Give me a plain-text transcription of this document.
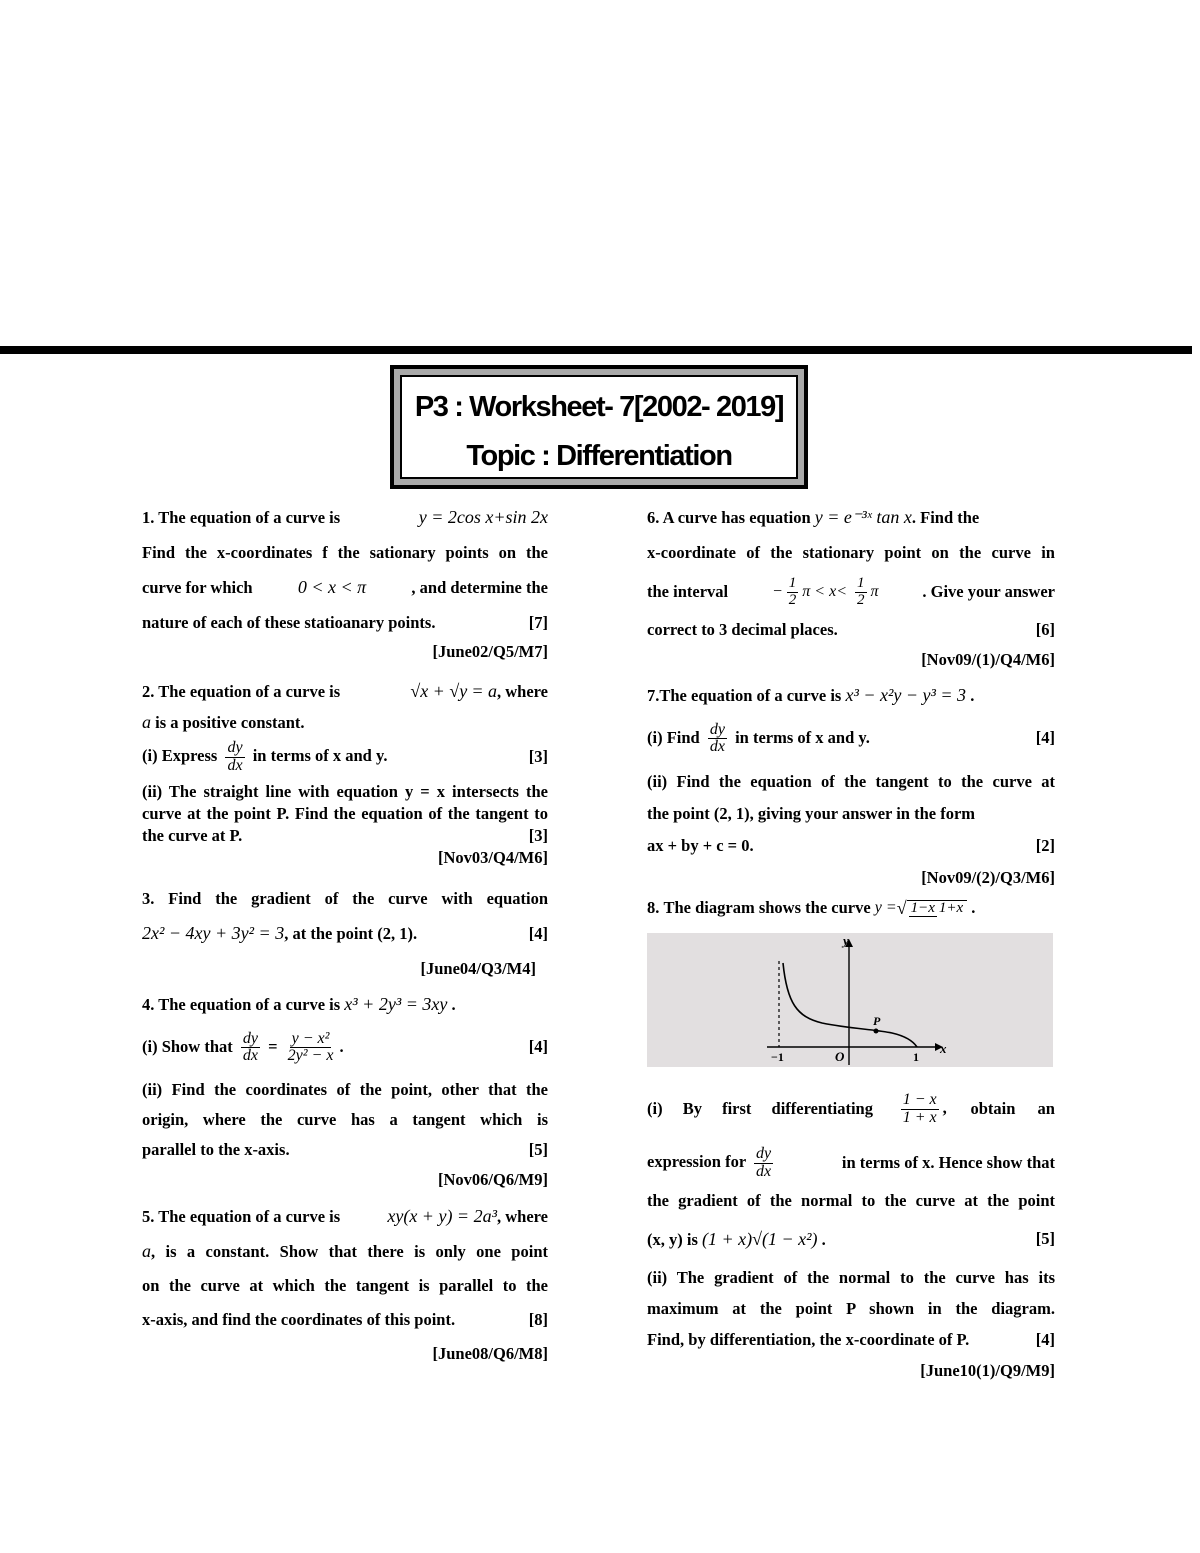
P3 : Worksheet- 7[2002- 2019]
Topic : Differentiation
1. The equation of a curve is	y = 2cos x+sin 2x
Find the x-coordinates f the sationary points on the
curve for which	0 < x < π	, and determine the
nature of each of these statioanary points.	[7]
[June02/Q5/M7]
2. The equation of a curve is	√x + √y = a, where
a is a positive constant.
(i) Express $\frac{dy}{dx}$ in terms of x and y.	[3]
(ii) The straight line with equation y = x intersects the curve at the point P. Find the equation of the tangent to the curve at P.	[3]
[Nov03/Q4/M6]
3. Find the gradient of the curve with equation
2x² − 4xy + 3y² = 3, at the point (2, 1).	[4]
[June04/Q3/M4]
4. The equation of a curve is x³ + 2y³ = 3xy .
(i) Show that $\frac{dy}{dx} = \frac{\text{y − x²}}{\text{2y² − x}}$ .	[4]
(ii) Find the coordinates of the point, other that the
origin, where the curve has a tangent which is
parallel to the x-axis.	[5]
[Nov06/Q6/M9]
5. The equation of a curve is	xy(x + y) = 2a³, where
a, is a constant. Show that there is only one point
on the curve at which the tangent is parallel to the
x-axis, and find the coordinates of this point.	[8]
[June08/Q6/M8]
6. A curve has equation y = e⁻³ˣ tan x. Find the
x-coordinate of the stationary point on the curve in
the interval	− $\frac{1}{2}$ $\pi < x< \frac{1}{2}$ π	. Give your answer
correct to 3 decimal places.	[6]
[Nov09/(1)/Q4/M6]
7.The equation of a curve is x³ − x²y − y³ = 3 .
(i) Find $\frac{dy}{dx}$ in terms of x and y.	[4]
(ii) Find the equation of the tangent to the curve at
the point (2, 1), giving your answer in the form
ax + by + c = 0.	[2]
[Nov09/(2)/Q3/M6]
8.
The diagram shows the curve
y = √ 1−x 1+x .
x
y
−1	O	1
P
(i) By first differentiating $\frac{1 - x}{1 + x}$ , obtain an
expression for $\frac{dy}{dx}$	in terms of x. Hence show that
the gradient of the normal to the curve at the point
(x, y) is (1 + x)√(1 − x²) .	[5]
(ii) The gradient of the normal to the curve has its
maximum at the point P shown in the diagram.
Find, by differentiation, the x-coordinate of P.	[4]
[June10(1)/Q9/M9]
